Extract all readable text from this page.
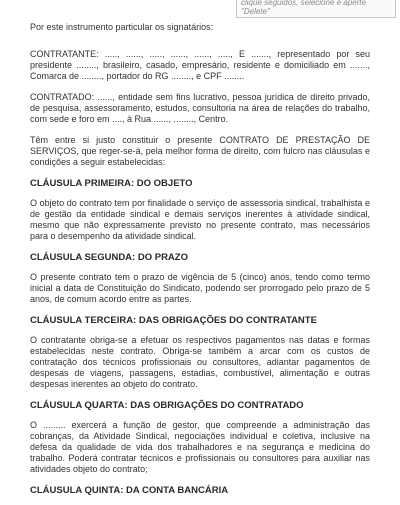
clique seguidos, selecione e aperte "Delete"

Por este instrumento particular os signatários:

CONTRATANTE: ....., ......, ....., ......, ......, ....., E ......., representado por seu presidente ........, brasileiro, casado, empresário, residente e domiciliado em ......., Comarca de ........, portador do RG ........, e CPF ........

CONTRATADO: ......, entidade sem fins lucrativo, pessoa jurídica de direito privado, de pesquisa, assessoramento, estudos, consultoria na área de relações do trabalho, com sede e foro em ...., à Rua ......, ........, Centro.

Têm entre si justo constituir o presente CONTRATO DE PRESTAÇÃO DE SERVIÇOS, que reger-se-á, pela melhor forma de direito, com fulcro nas cláusulas e condições a seguir estabelecidas:

CLÁUSULA PRIMEIRA: DO OBJETO

O objeto do contrato tem por finalidade o serviço de assessoria sindical, trabalhista e de gestão da entidade sindical e demais serviços inerentes à atividade sindical, mesmo que não expressamente previsto no presente contrato, mas necessários para o desempenho da atividade sindical.

CLÁUSULA SEGUNDA: DO PRAZO

O presente contrato tem o prazo de vigência de 5 (cinco) anos, tendo como termo inicial a data de Constituição do Sindicato, podendo ser prorrogado pelo prazo de 5 anos, de comum acordo entre as partes.

CLÁUSULA TERCEIRA: DAS OBRIGAÇÕES DO CONTRATANTE

O contratante obriga-se a efetuar os respectivos pagamentos nas datas e formas estabelecidas neste contrato. Obriga-se também a arcar com os custos de contratação dos técnicos profissionais ou consultores, adiantar pagamentos de despesas de viagens, passagens, estadias, combustível, alimentação e outras despesas inerentes ao objeto do contrato.

CLÁUSULA QUARTA: DAS OBRIGAÇÕES DO CONTRATADO

O ......... exercerá a função de gestor, que compreende a administração das cobranças, da Atividade Sindical, negociações individual e coletiva, inclusive na defesa da qualidade de vida dos trabalhadores e na segurança e medicina do trabalho. Poderá contratar técnicos e profissionais ou consultores para auxiliar nas atividades objeto do contrato;

CLÁUSULA QUINTA: DA CONTA BANCÁRIA
